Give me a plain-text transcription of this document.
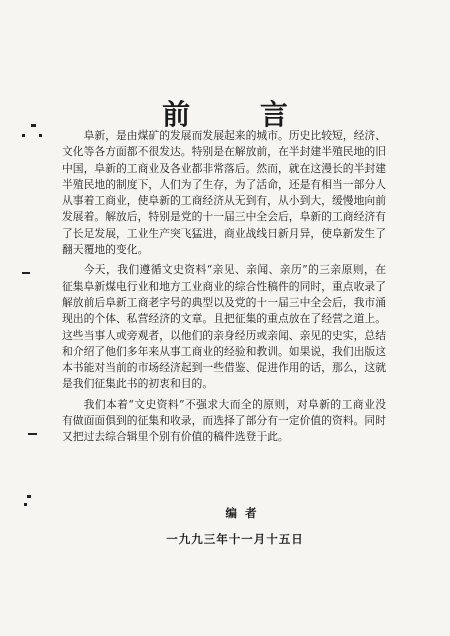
前 言

阜新，是由煤矿的发展而发展起来的城市。历史比较短，经济、文化等各方面都不很发达。特别是在解放前，在半封建半殖民地的旧中国，阜新的工商业及各业都非常落后。然而，就在这漫长的半封建半殖民地的制度下，人们为了生存，为了活命，还是有相当一部分人从事着工商业，使阜新的工商经济从无到有，从小到大，缓慢地向前发展着。解放后，特别是党的十一届三中全会后，阜新的工商经济有了长足发展，工业生产突飞猛进，商业战线日新月异，使阜新发生了翻天覆地的变化。

今天，我们遵循文史资料“亲见、亲闻、亲历”的三亲原则，在征集阜新煤电行业和地方工业商业的综合性稿件的同时，重点收录了解放前后阜新工商老字号的典型以及党的十一届三中全会后，我市涌现出的个体、私营经济的文章。且把征集的重点放在了经营之道上。这些当事人或旁观者，以他们的亲身经历或亲闻、亲见的史实，总结和介绍了他们多年来从事工商业的经验和教训。如果说，我们出版这本书能对当前的市场经济起到一些借鉴、促进作用的话，那么，这就是我们征集此书的初衷和目的。

我们本着“文史资料”不强求大而全的原则，对阜新的工商业没有做面面俱到的征集和收录，而选择了部分有一定价值的资料。同时又把过去综合辑里个别有价值的稿件选登于此。

编者
一九九三年十一月十五日
